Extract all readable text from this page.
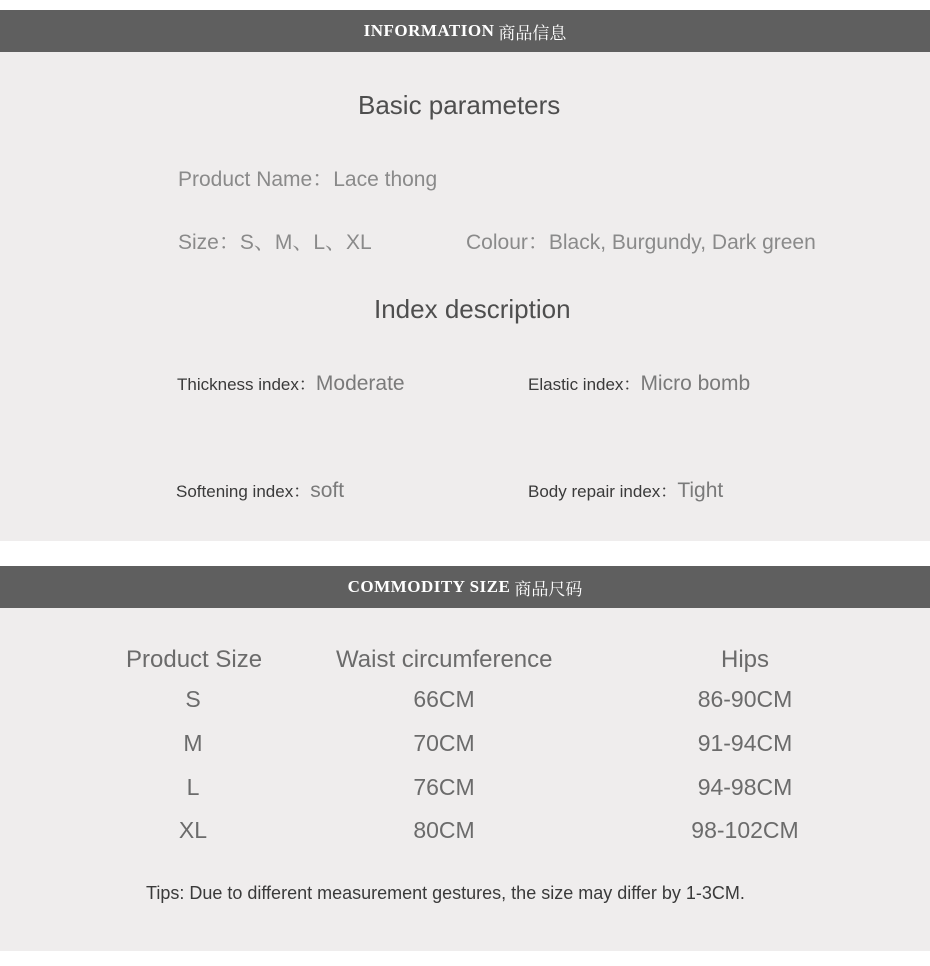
INFORMATION 商品信息
Basic parameters
Product Name：Lace thong
Size：S、M、L、XL	Colour：Black, Burgundy, Dark green
Index description
Thickness index：Moderate	Elastic index：Micro bomb
Softening index：soft	Body repair index：Tight
COMMODITY SIZE 商品尺码
Product Size	Waist circumference	Hips
S	66CM	86-90CM
M	70CM	91-94CM
L	76CM	94-98CM
XL	80CM	98-102CM
Tips: Due to different measurement gestures, the size may differ by 1-3CM.
